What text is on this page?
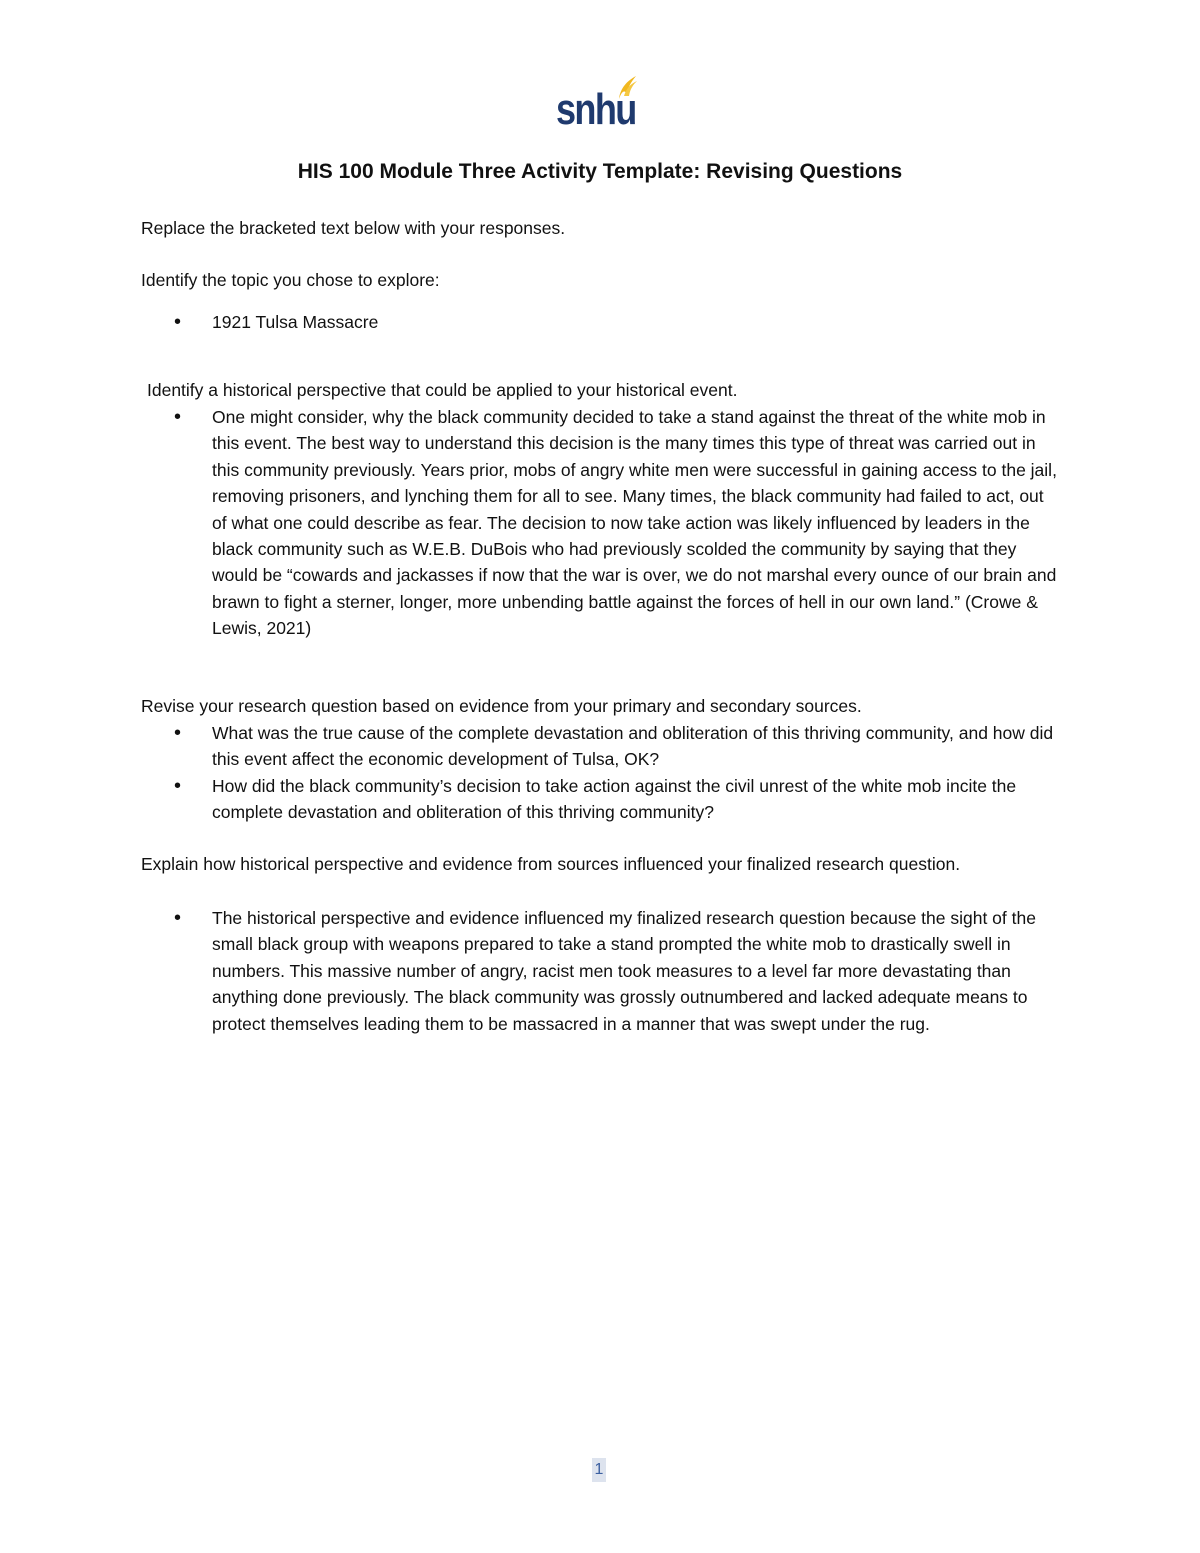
snhu
HIS 100 Module Three Activity Template: Revising Questions

Replace the bracketed text below with your responses.

Identify the topic you chose to explore:

• 1921 Tulsa Massacre

Identify a historical perspective that could be applied to your historical event.

• One might consider, why the black community decided to take a stand against the threat of the white mob in this event. The best way to understand this decision is the many times this type of threat was carried out in this community previously. Years prior, mobs of angry white men were successful in gaining access to the jail, removing prisoners, and lynching them for all to see. Many times, the black community had failed to act, out of what one could describe as fear. The decision to now take action was likely influenced by leaders in the black community such as W.E.B. DuBois who had previously scolded the community by saying that they would be “cowards and jackasses if now that the war is over, we do not marshal every ounce of our brain and brawn to fight a sterner, longer, more unbending battle against the forces of hell in our own land.” (Crowe & Lewis, 2021)

Revise your research question based on evidence from your primary and secondary sources.

• What was the true cause of the complete devastation and obliteration of this thriving community, and how did this event affect the economic development of Tulsa, OK?
• How did the black community’s decision to take action against the civil unrest of the white mob incite the complete devastation and obliteration of this thriving community?

Explain how historical perspective and evidence from sources influenced your finalized research question.

• The historical perspective and evidence influenced my finalized research question because the sight of the small black group with weapons prepared to take a stand prompted the white mob to drastically swell in numbers. This massive number of angry, racist men took measures to a level far more devastating than anything done previously. The black community was grossly outnumbered and lacked adequate means to protect themselves leading them to be massacred in a manner that was swept under the rug.
1
